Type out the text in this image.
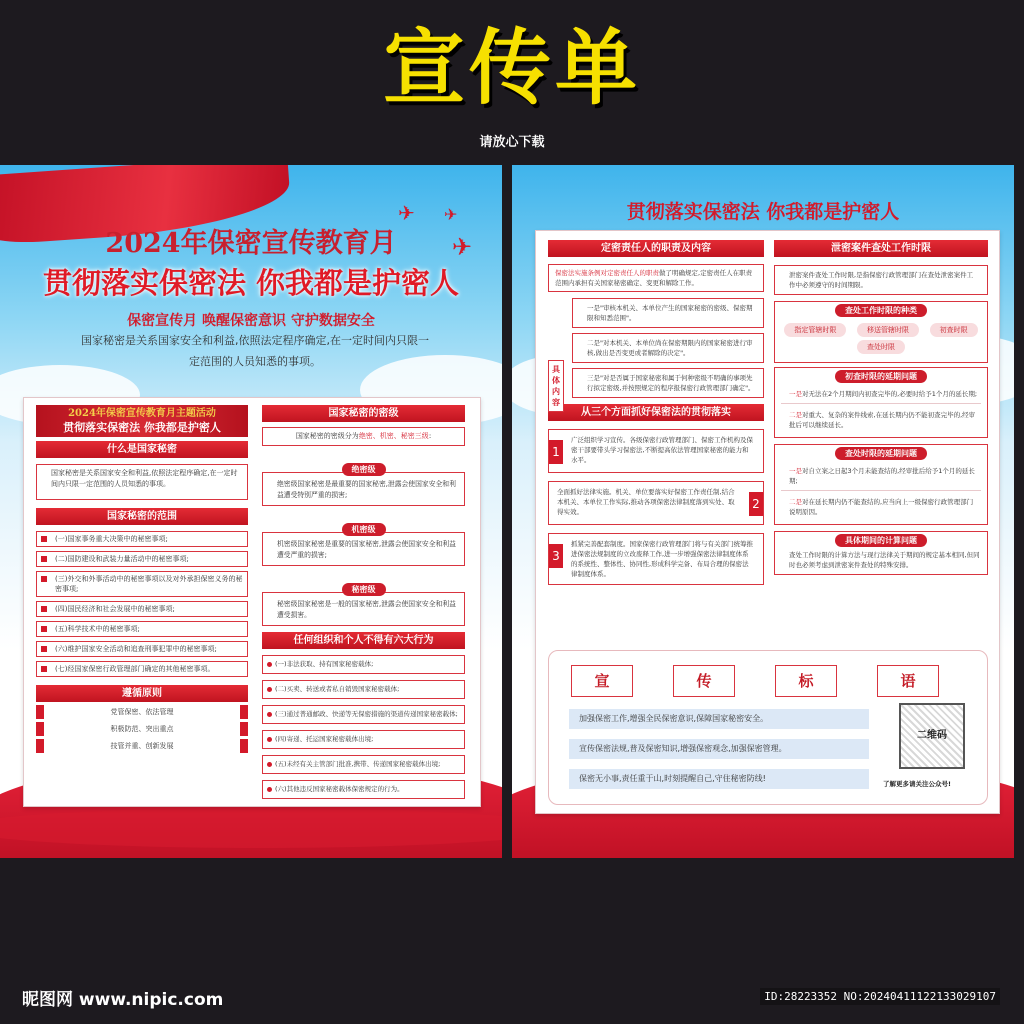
宣传单
请放心下载
✈ ✈
✈
2024年保密宣传教育月
贯彻落实保密法 你我都是护密人
保密宣传月 唤醒保密意识 守护数据安全
国家秘密是关系国家安全和利益,依照法定程序确定,在一定时间内只限一定范围的人员知悉的事项。
2024年保密宣传教育月主题活动
贯彻落实保密法 你我都是护密人
什么是国家秘密
国家秘密是关系国家安全和利益,依照法定程序确定,在一定时间内只限一定范围的人员知悉的事项。
国家秘密的范围
(一)国家事务重大决策中的秘密事项;
(二)国防建设和武装力量活动中的秘密事项;
(三)外交和外事活动中的秘密事项以及对外承担保密义务的秘密事项;
(四)国民经济和社会发展中的秘密事项;
(五)科学技术中的秘密事项;
(六)维护国家安全活动和追查刑事犯罪中的秘密事项;
(七)经国家保密行政管理部门确定的其他秘密事项。
遵循原则
党管保密、依法管理
积极防范、突出重点
技管并重、创新发展
国家秘密的密级
国家秘密的密级分为绝密、机密、秘密三级:
绝密级
绝密级国家秘密是最重要的国家秘密,泄露会使国家安全和利益遭受特别严重的损害;
机密级
机密级国家秘密是重要的国家秘密,泄露会使国家安全和利益遭受严重的损害;
秘密级
秘密级国家秘密是一般的国家秘密,泄露会使国家安全和利益遭受损害。
任何组织和个人不得有六大行为
(一)非法获取、持有国家秘密载体;
(二)买卖、转送或者私自销毁国家秘密载体;
(三)通过普通邮政、快递等无保密措施的渠道传递国家秘密载体;
(四)寄递、托运国家秘密载体出境;
(五)未经有关主管部门批准,携带、传递国家秘密载体出境;
(六)其他违反国家秘密载体保密规定的行为。
贯彻落实保密法 你我都是护密人
定密责任人的职责及内容
保密法实施条例对定密责任人的职责做了明确规定,定密责任人在职责范围内承担有关国家秘密确定、变更和解除工作。
具体内容
一是"审核本机关、本单位产生的国家秘密的密级、保密期限和知悉范围"。
二是"对本机关、本单位尚在保密期限内的国家秘密进行审核,做出是否变更或者解除的决定"。
三是"对是否属于国家秘密和属于何种密级不明确的事项先行拟定密级,并按照规定的程序报保密行政管理部门确定"。
从三个方面抓好保密法的贯彻落实
1
广泛组织学习宣传。各级保密行政管理部门、保密工作机构及保密干部要带头学习保密法,不断提高依法管理国家秘密的能力和水平。
2
全面抓好法律实施。机关、单位要落实好保密工作责任制,结合本机关、本单位工作实际,推动各项保密法律制度落到实处、取得实效。
3
抓紧完善配套制度。国家保密行政管理部门将与有关部门统筹推进保密法规制度的立改废释工作,进一步增强保密法律制度体系的系统性、整体性、协同性,形成科学完备、布局合理的保密法律制度体系。
泄密案件查处工作时限
泄密案件查处工作时限,是指保密行政管理部门在查处泄密案件工作中必须遵守的时间期限。
查处工作时限的种类
指定管辖时限	移送管辖时限	初查时限
查处时限
初查时限的延期问题
一是对无法在2个月期间内初查完毕的,必要时给予1个月的延长期;
二是对重大、复杂的案件线索,在延长期内仍不能初查完毕的,经审批后可以继续延长。
查处时限的延期问题
一是对自立案之日起3个月未能查结的,经审批后给予1个月的延长期;
二是对在延长期内仍不能查结的,应当向上一级保密行政管理部门说明原因。
具体期间的计算问题
查处工作时限的计算方法与现行法律关于期间的规定基本相同,但同时也必须考虑到泄密案件查处的特殊安排。
宣	传	标	语
加强保密工作,增强全民保密意识,保障国家秘密安全。
宣传保密法规,普及保密知识,增强保密观念,加强保密管理。
保密无小事,责任重于山,时刻提醒自己,守住秘密防线!
二维码
了解更多请关注公众号!
昵图网 www.nipic.com	ID:28223352 NO:20240411122133029107
